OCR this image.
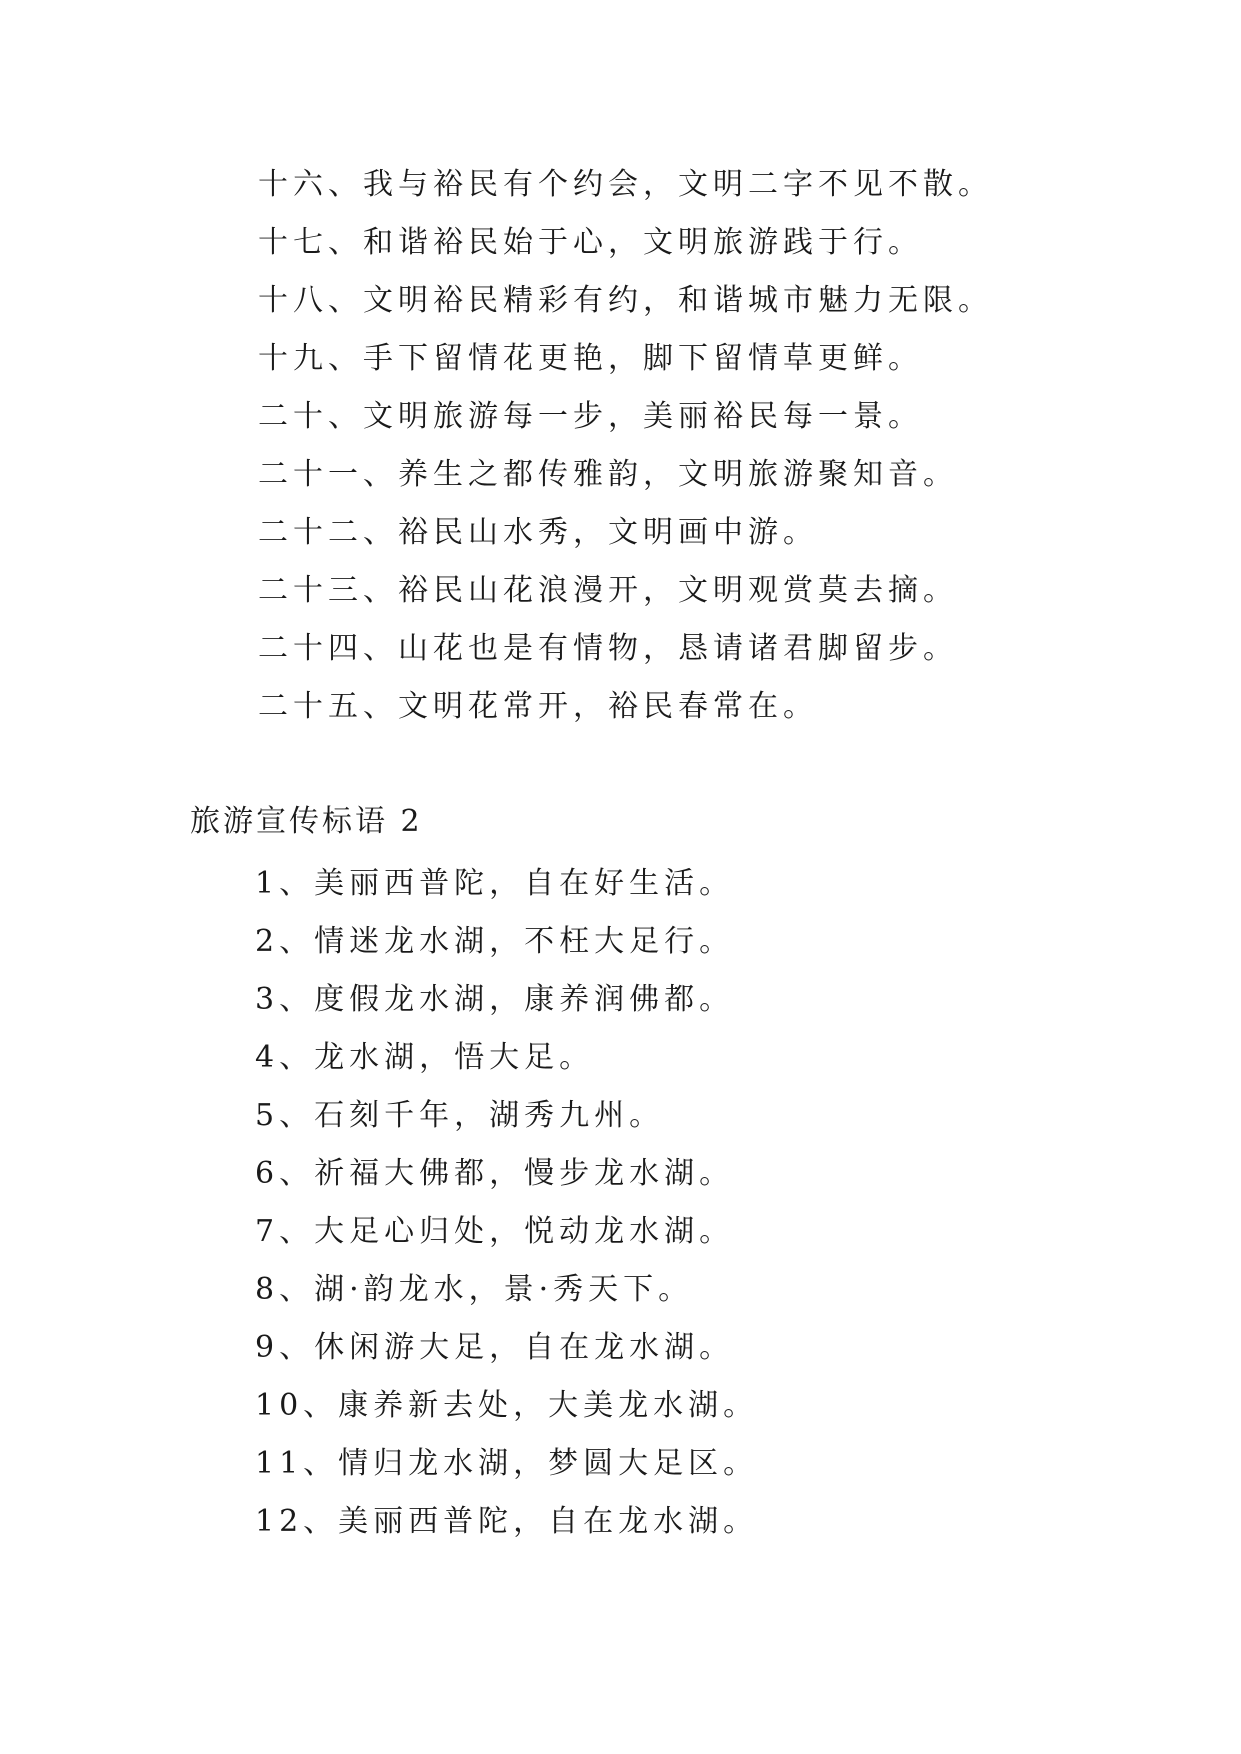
十六、我与裕民有个约会，文明二字不见不散。
十七、和谐裕民始于心，文明旅游践于行。
十八、文明裕民精彩有约，和谐城市魅力无限。
十九、手下留情花更艳，脚下留情草更鲜。
二十、文明旅游每一步，美丽裕民每一景。
二十一、养生之都传雅韵，文明旅游聚知音。
二十二、裕民山水秀，文明画中游。
二十三、裕民山花浪漫开，文明观赏莫去摘。
二十四、山花也是有情物，恳请诸君脚留步。
二十五、文明花常开，裕民春常在。
旅游宣传标语 2
1、美丽西普陀，自在好生活。
2、情迷龙水湖，不枉大足行。
3、度假龙水湖，康养润佛都。
4、龙水湖，悟大足。
5、石刻千年，湖秀九州。
6、祈福大佛都，慢步龙水湖。
7、大足心归处，悦动龙水湖。
8、湖·韵龙水，景·秀天下。
9、休闲游大足，自在龙水湖。
10、康养新去处，大美龙水湖。
11、情归龙水湖，梦圆大足区。
12、美丽西普陀，自在龙水湖。
